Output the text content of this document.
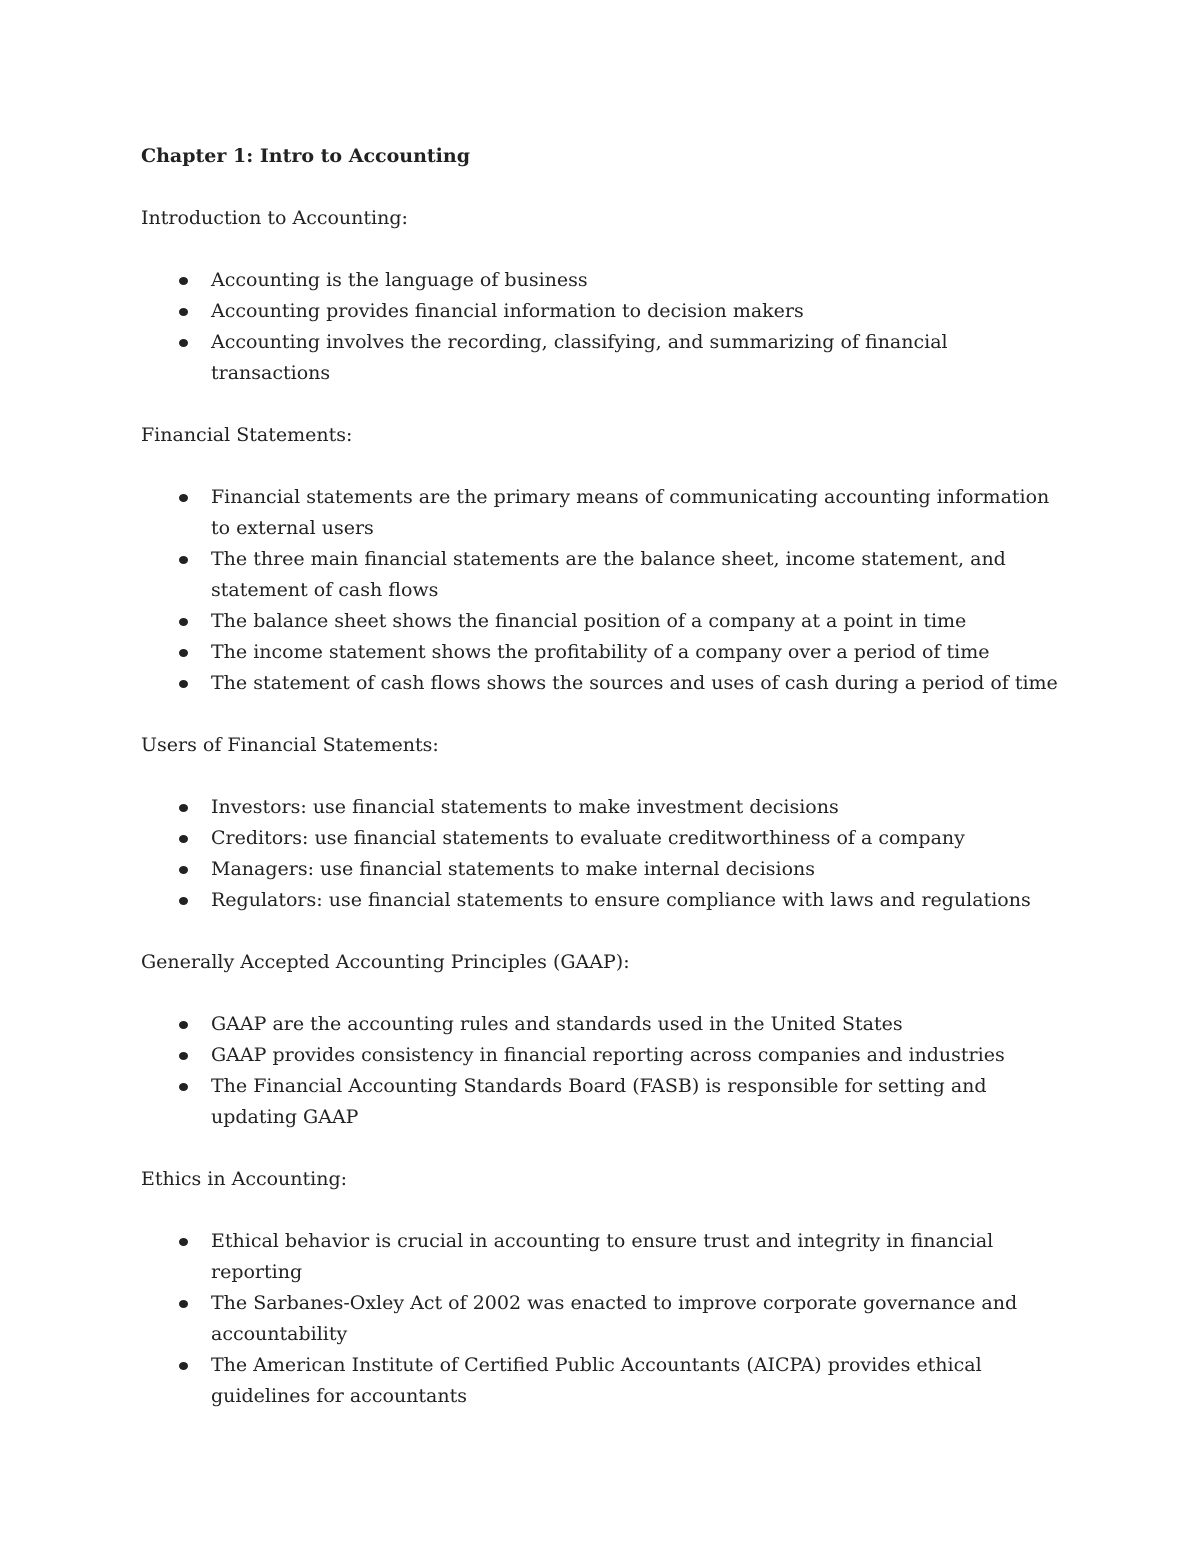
Chapter 1: Intro to Accounting

Introduction to Accounting:

Accounting is the language of business
Accounting provides financial information to decision makers
Accounting involves the recording, classifying, and summarizing of financial transactions

Financial Statements:

Financial statements are the primary means of communicating accounting information to external users
The three main financial statements are the balance sheet, income statement, and statement of cash flows
The balance sheet shows the financial position of a company at a point in time
The income statement shows the profitability of a company over a period of time
The statement of cash flows shows the sources and uses of cash during a period of time

Users of Financial Statements:

Investors: use financial statements to make investment decisions
Creditors: use financial statements to evaluate creditworthiness of a company
Managers: use financial statements to make internal decisions
Regulators: use financial statements to ensure compliance with laws and regulations

Generally Accepted Accounting Principles (GAAP):

GAAP are the accounting rules and standards used in the United States
GAAP provides consistency in financial reporting across companies and industries
The Financial Accounting Standards Board (FASB) is responsible for setting and updating GAAP

Ethics in Accounting:

Ethical behavior is crucial in accounting to ensure trust and integrity in financial reporting
The Sarbanes-Oxley Act of 2002 was enacted to improve corporate governance and accountability
The American Institute of Certified Public Accountants (AICPA) provides ethical guidelines for accountants
